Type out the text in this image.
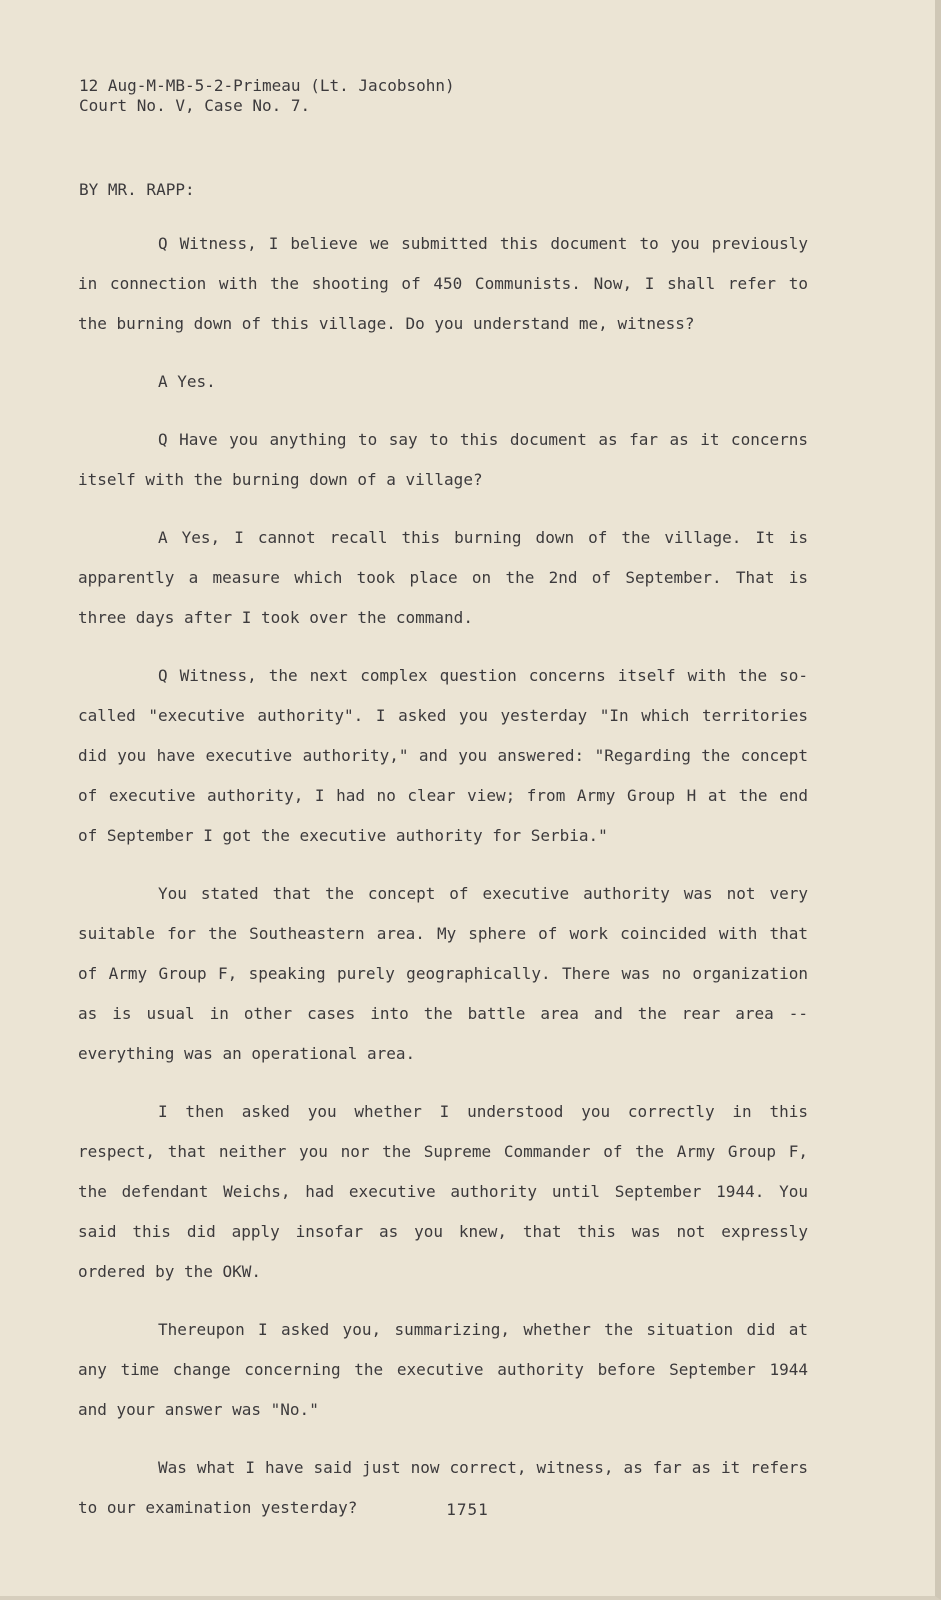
12 Aug-M-MB-5-2-Primeau (Lt. Jacobsohn)
Court No. V, Case No. 7.
BY MR. RAPP:

Q Witness, I believe we submitted this document to you previously in connection with the shooting of 450 Communists. Now, I shall refer to the burning down of this village. Do you understand me, witness?

A Yes.

Q Have you anything to say to this document as far as it concerns itself with the burning down of a village?

A Yes, I cannot recall this burning down of the village. It is apparently a measure which took place on the 2nd of September. That is three days after I took over the command.

Q Witness, the next complex question concerns itself with the so-called "executive authority". I asked you yesterday "In which territories did you have executive authority," and you answered: "Regarding the concept of executive authority, I had no clear view; from Army Group H at the end of September I got the executive authority for Serbia."

You stated that the concept of executive authority was not very suitable for the Southeastern area. My sphere of work coincided with that of Army Group F, speaking purely geographically. There was no organization as is usual in other cases into the battle area and the rear area -- everything was an operational area.

I then asked you whether I understood you correctly in this respect, that neither you nor the Supreme Commander of the Army Group F, the defendant Weichs, had executive authority until September 1944. You said this did apply insofar as you knew, that this was not expressly ordered by the OKW.

Thereupon I asked you, summarizing, whether the situation did at any time change concerning the executive authority before September 1944 and your answer was "No."

Was what I have said just now correct, witness, as far as it refers to our examination yesterday?	1751
